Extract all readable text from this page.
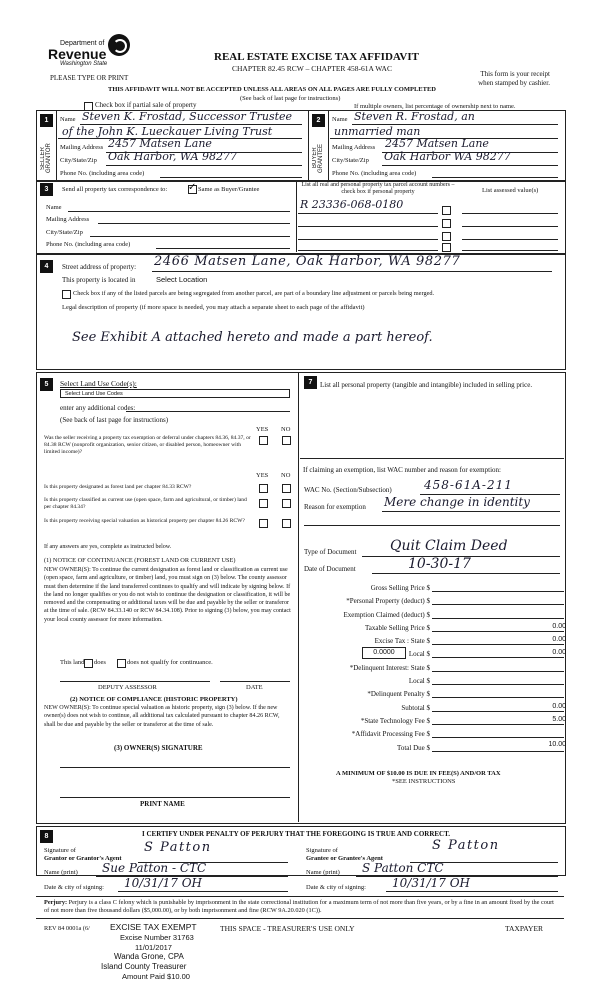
Department of
Revenue
Washington State
REAL ESTATE EXCISE TAX AFFIDAVIT
CHAPTER 82.45 RCW – CHAPTER 458-61A WAC
PLEASE TYPE OR PRINT	This form is your receipt
when stamped by cashier.
THIS AFFIDAVIT WILL NOT BE ACCEPTED UNLESS ALL AREAS ON ALL PAGES ARE FULLY COMPLETED
(See back of last page for instructions)
Check box if partial sale of property	If multiple owners, list percentage of ownership next to name.
1	2
SELLER GRANTOR	BUYER GRANTEE
Name Steven K. Frostad, Successor Trustee
of the John K. Lueckauer Living Trust
Mailing Address 2457 Matsen Lane
City/State/Zip Oak Harbor, WA 98277
Phone No. (including area code)
Name Steven R. Frostad, an
unmarried man
Mailing Address 2457 Matsen Lane
City/State/Zip Oak Harbor WA 98277
Phone No. (including area code)
3	Send all property tax correspondence to: ✓ Same as Buyer/Grantee
Name
Mailing Address
City/State/Zip
Phone No. (including area code)
List all real and personal property tax parcel account numbers – check box if personal property	List assessed value(s)
R 23336-068-0180
4	Street address of property: 2466 Matsen Lane, Oak Harbor, WA 98277
This property is located in	Select Location
Check box if any of the listed parcels are being segregated from another parcel, are part of a boundary line adjustment or parcels being merged.
Legal description of property (if more space is needed, you may attach a separate sheet to each page of the affidavit)
See Exhibit A attached hereto and made a part hereof.
5	Select Land Use Code(s):
Select Land Use Codes
enter any additional codes:
(See back of last page for instructions)
YES NO
Was the seller receiving a property tax exemption or deferral under chapters 84.36, 84.37, or 84.38 RCW (nonprofit organization, senior citizen, or disabled person, homeowner with limited income)?
YES NO
Is this property designated as forest land per chapter 84.33 RCW?
Is this property classified as current use (open space, farm and agricultural, or timber) land per chapter 84.34?
Is this property receiving special valuation as historical property per chapter 84.26 RCW?
If any answers are yes, complete as instructed below.
(1) NOTICE OF CONTINUANCE (FOREST LAND OR CURRENT USE)
NEW OWNER(S): To continue the current designation as forest land or classification as current use (open space, farm and agriculture, or timber) land, you must sign on (3) below. The county assessor must then determine if the land transferred continues to qualify and will indicate by signing below. If the land no longer qualifies or you do not wish to continue the designation or classification, it will be removed and the compensating or additional taxes will be due and payable by the seller or transferor at the time of sale. (RCW 84.33.140 or RCW 84.34.108). Prior to signing (3) below, you may contact your local county assessor for more information.
This land does	does not qualify for continuance.
DEPUTY ASSESSOR	DATE
(2) NOTICE OF COMPLIANCE (HISTORIC PROPERTY)
NEW OWNER(S): To continue special valuation as historic property, sign (3) below. If the new owner(s) does not wish to continue, all additional tax calculated pursuant to chapter 84.26 RCW, shall be due and payable by the seller or transferor at the time of sale.
(3) OWNER(S) SIGNATURE
PRINT NAME
7	List all personal property (tangible and intangible) included in selling price.
If claiming an exemption, list WAC number and reason for exemption:
WAC No. (Section/Subsection)	458-61A-211
Reason for exemption Mere change in identity
Type of Document Quit Claim Deed
Date of Document	10-30-17
Gross Selling Price $
*Personal Property (deduct) $
Exemption Claimed (deduct) $
Taxable Selling Price $	0.00
Excise Tax : State $	0.00
0.0000	Local $	0.00
*Delinquent Interest: State $
Local $
*Delinquent Penalty $
Subtotal $	0.00
*State Technology Fee $	5.00
*Affidavit Processing Fee $
Total Due $	10.00
A MINIMUM OF $10.00 IS DUE IN FEE(S) AND/OR TAX
*SEE INSTRUCTIONS
8	I CERTIFY UNDER PENALTY OF PERJURY THAT THE FOREGOING IS TRUE AND CORRECT.
Signature of
Grantor or Grantor's Agent
S Patton
Name (print) Sue Patton - CTC
Date & city of signing: 10/31/17 OH
Signature of
Grantee or Grantee's Agent
S Patton
Name (print) S Patton CTC
Date & city of signing: 10/31/17 OH
Perjury: Perjury is a class C felony which is punishable by imprisonment in the state correctional institution for a maximum term of not more than five years, or by a fine in an amount fixed by the court of not more than five thousand dollars ($5,000.00), or by both imprisonment and fine (RCW 9A.20.020 (1C)).
REV 84 0001a (6/ EXCISE TAX EXEMPT
Excise Number 31763
11/01/2017
Wanda Grone, CPA
Island County Treasurer
Amount Paid $10.00
THIS SPACE - TREASURER'S USE ONLY	TAXPAYER
